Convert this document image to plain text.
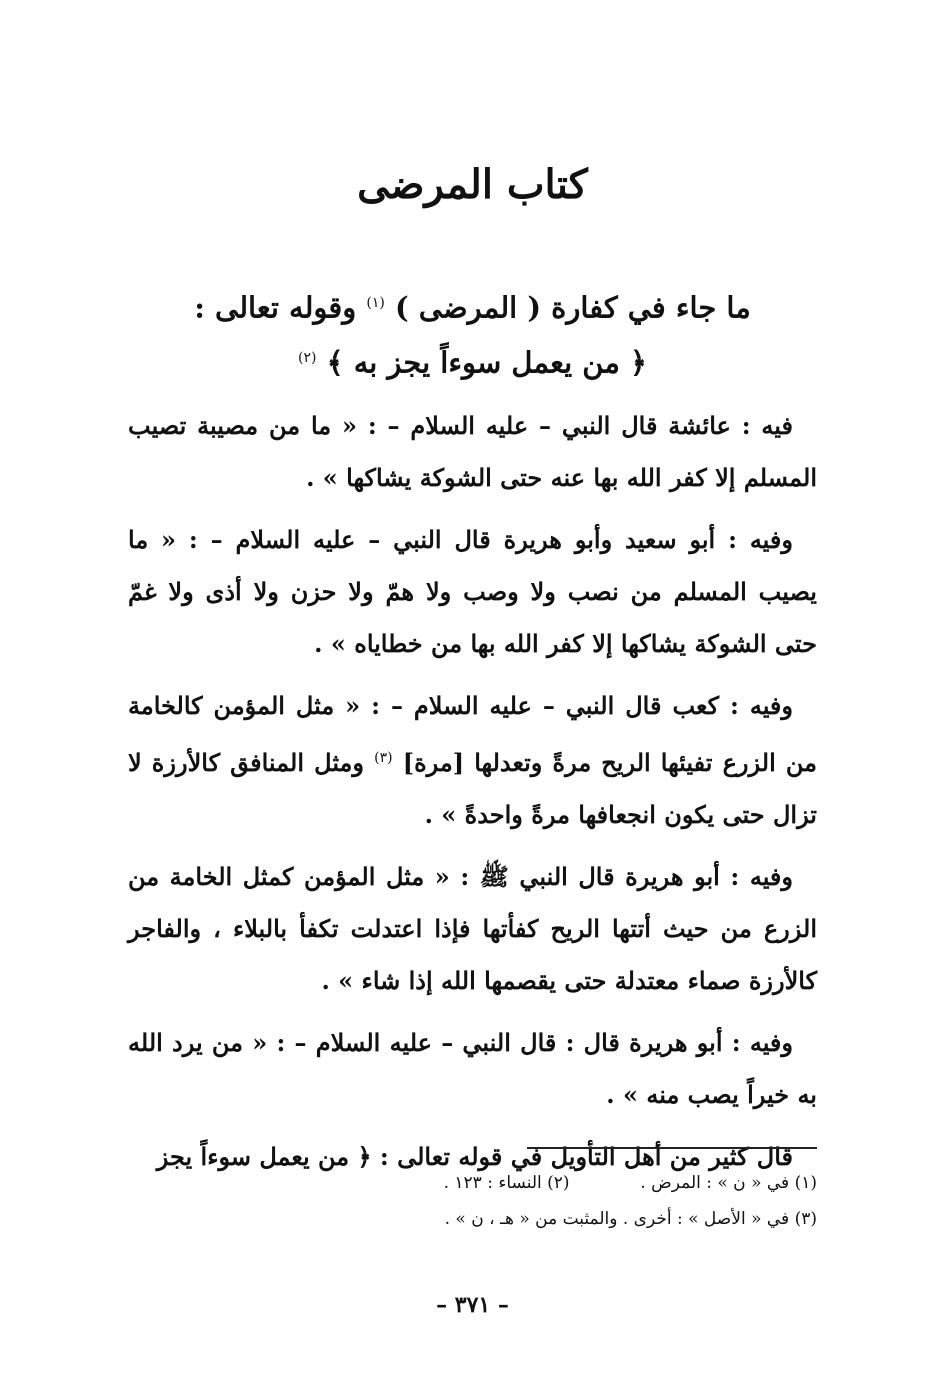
كتاب المرضى
ما جاء في كفارة ( المرضى ) $^{(١)}$ وقوله تعالى :
﴿ من يعمل سوءاً يجز به ﴾ $^{(٢)}$

فيه : عائشة قال النبي – عليه السلام – : « ما من مصيبة تصيب المسلم إلا كفر الله بها عنه حتى الشوكة يشاكها » .

وفيه : أبو سعيد وأبو هريرة قال النبي – عليه السلام – : « ما يصيب المسلم من نصب ولا وصب ولا همّ ولا حزن ولا أذى ولا غمّ حتى الشوكة يشاكها إلا كفر الله بها من خطاياه » .

وفيه : كعب قال النبي – عليه السلام – : « مثل المؤمن كالخامة من الزرع تفيئها الريح مرةً وتعدلها [مرة] $^{(٣)}$ ومثل المنافق كالأرزة لا تزال حتى يكون انجعافها مرةً واحدةً » .

وفيه : أبو هريرة قال النبي ﷺ : « مثل المؤمن كمثل الخامة من الزرع من حيث أتتها الريح كفأتها فإذا اعتدلت تكفأ بالبلاء ، والفاجر كالأرزة صماء معتدلة حتى يقصمها الله إذا شاء » .

وفيه : أبو هريرة قال : قال النبي – عليه السلام – : « من يرد الله به خيراً يصب منه » .

قال كثير من أهل التأويل في قوله تعالى : ﴿ من يعمل سوءاً يجز

(١) في « ن » : المرض .  (٢) النساء : ١٢٣ .
(٣) في « الأصل » : أخرى . والمثبت من « هـ ، ن » .
– ٣٧١ –
